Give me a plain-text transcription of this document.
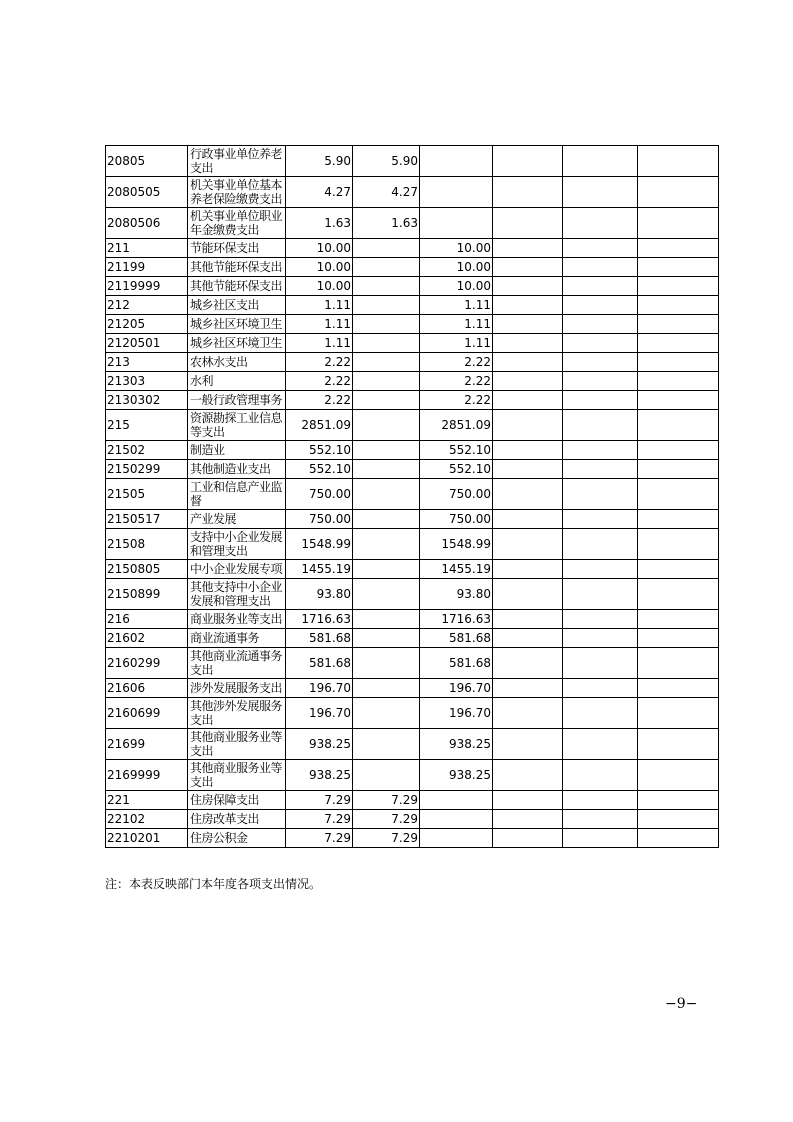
20805	行政事业单位养老支出	5.90	5.90				
2080505	机关事业单位基本养老保险缴费支出	4.27	4.27				
2080506	机关事业单位职业年金缴费支出	1.63	1.63				
211	节能环保支出	10.00		10.00			
21199	其他节能环保支出	10.00		10.00			
2119999	其他节能环保支出	10.00		10.00			
212	城乡社区支出	1.11		1.11			
21205	城乡社区环境卫生	1.11		1.11			
2120501	城乡社区环境卫生	1.11		1.11			
213	农林水支出	2.22		2.22			
21303	水利	2.22		2.22			
2130302	一般行政管理事务	2.22		2.22			
215	资源勘探工业信息等支出	2851.09		2851.09			
21502	制造业	552.10		552.10			
2150299	其他制造业支出	552.10		552.10			
21505	工业和信息产业监督	750.00		750.00			
2150517	产业发展	750.00		750.00			
21508	支持中小企业发展和管理支出	1548.99		1548.99			
2150805	中小企业发展专项	1455.19		1455.19			
2150899	其他支持中小企业发展和管理支出	93.80		93.80			
216	商业服务业等支出	1716.63		1716.63			
21602	商业流通事务	581.68		581.68			
2160299	其他商业流通事务支出	581.68		581.68			
21606	涉外发展服务支出	196.70		196.70			
2160699	其他涉外发展服务支出	196.70		196.70			
21699	其他商业服务业等支出	938.25		938.25			
2169999	其他商业服务业等支出	938.25		938.25			
221	住房保障支出	7.29	7.29				
22102	住房改革支出	7.29	7.29				
2210201	住房公积金	7.29	7.29				
注：本表反映部门本年度各项支出情况。
−9−
